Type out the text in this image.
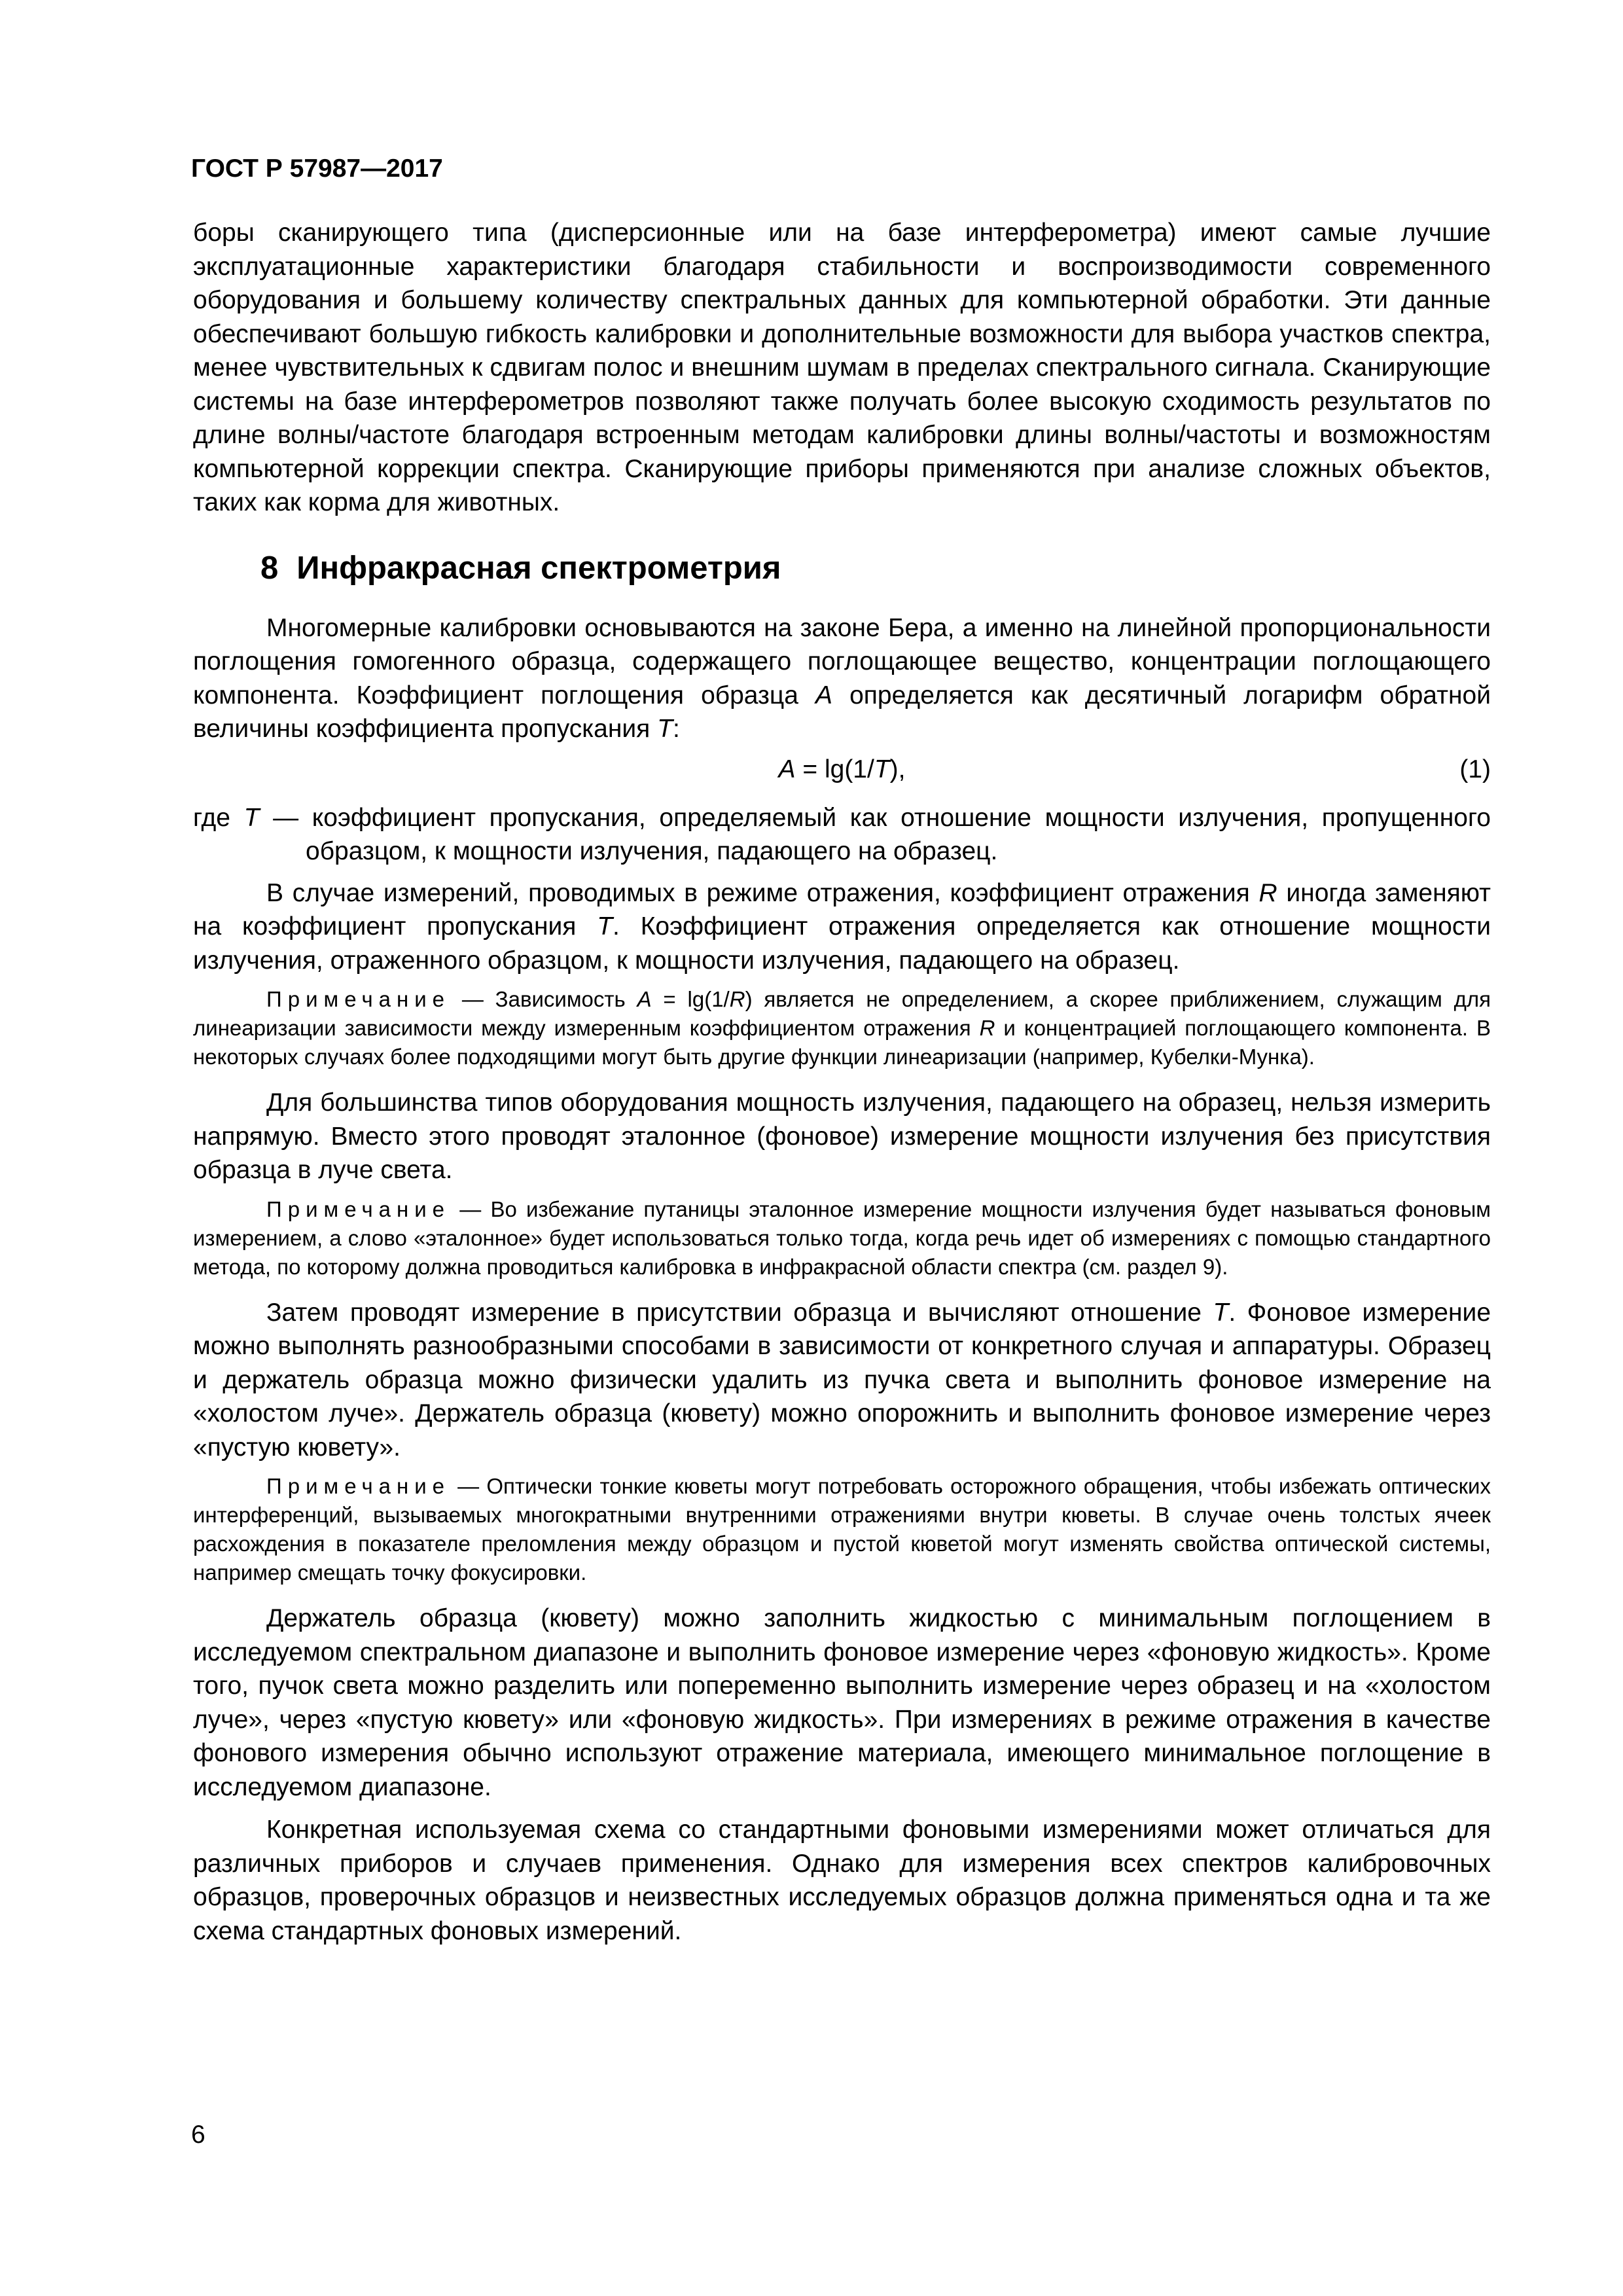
ГОСТ Р 57987—2017

боры сканирующего типа (дисперсионные или на базе интерферометра) имеют самые лучшие эксплуатационные характеристики благодаря стабильности и воспроизводимости современного оборудования и большему количеству спектральных данных для компьютерной обработки. Эти данные обеспечивают большую гибкость калибровки и дополнительные возможности для выбора участков спектра, менее чувствительных к сдвигам полос и внешним шумам в пределах спектрального сигнала. Сканирующие системы на базе интерферометров позволяют также получать более высокую сходимость результатов по длине волны/частоте благодаря встроенным методам калибровки длины волны/частоты и возможностям компьютерной коррекции спектра. Сканирующие приборы применяются при анализе сложных объектов, таких как корма для животных.

8 Инфракрасная спектрометрия

Многомерные калибровки основываются на законе Бера, а именно на линейной пропорциональности поглощения гомогенного образца, содержащего поглощающее вещество, концентрации поглощающего компонента. Коэффициент поглощения образца A определяется как десятичный логарифм обратной величины коэффициента пропускания T:

A = lg(1/T),	(1)

где T — коэффициент пропускания, определяемый как отношение мощности излучения, пропущенного образцом, к мощности излучения, падающего на образец.

В случае измерений, проводимых в режиме отражения, коэффициент отражения R иногда заменяют на коэффициент пропускания T. Коэффициент отражения определяется как отношение мощности излучения, отраженного образцом, к мощности излучения, падающего на образец.

Примечание — Зависимость A = lg(1/R) является не определением, а скорее приближением, служащим для линеаризации зависимости между измеренным коэффициентом отражения R и концентрацией поглощающего компонента. В некоторых случаях более подходящими могут быть другие функции линеаризации (например, Кубелки-Мунка).

Для большинства типов оборудования мощность излучения, падающего на образец, нельзя измерить напрямую. Вместо этого проводят эталонное (фоновое) измерение мощности излучения без присутствия образца в луче света.

Примечание — Во избежание путаницы эталонное измерение мощности излучения будет называться фоновым измерением, а слово «эталонное» будет использоваться только тогда, когда речь идет об измерениях с помощью стандартного метода, по которому должна проводиться калибровка в инфракрасной области спектра (см. раздел 9).

Затем проводят измерение в присутствии образца и вычисляют отношение T. Фоновое измерение можно выполнять разнообразными способами в зависимости от конкретного случая и аппаратуры. Образец и держатель образца можно физически удалить из пучка света и выполнить фоновое измерение на «холостом луче». Держатель образца (кювету) можно опорожнить и выполнить фоновое измерение через «пустую кювету».

Примечание — Оптически тонкие кюветы могут потребовать осторожного обращения, чтобы избежать оптических интерференций, вызываемых многократными внутренними отражениями внутри кюветы. В случае очень толстых ячеек расхождения в показателе преломления между образцом и пустой кюветой могут изменять свойства оптической системы, например смещать точку фокусировки.

Держатель образца (кювету) можно заполнить жидкостью с минимальным поглощением в исследуемом спектральном диапазоне и выполнить фоновое измерение через «фоновую жидкость». Кроме того, пучок света можно разделить или попеременно выполнить измерение через образец и на «холостом луче», через «пустую кювету» или «фоновую жидкость». При измерениях в режиме отражения в качестве фонового измерения обычно используют отражение материала, имеющего минимальное поглощение в исследуемом диапазоне.

Конкретная используемая схема со стандартными фоновыми измерениями может отличаться для различных приборов и случаев применения. Однако для измерения всех спектров калибровочных образцов, проверочных образцов и неизвестных исследуемых образцов должна применяться одна и та же схема стандартных фоновых измерений.

6
